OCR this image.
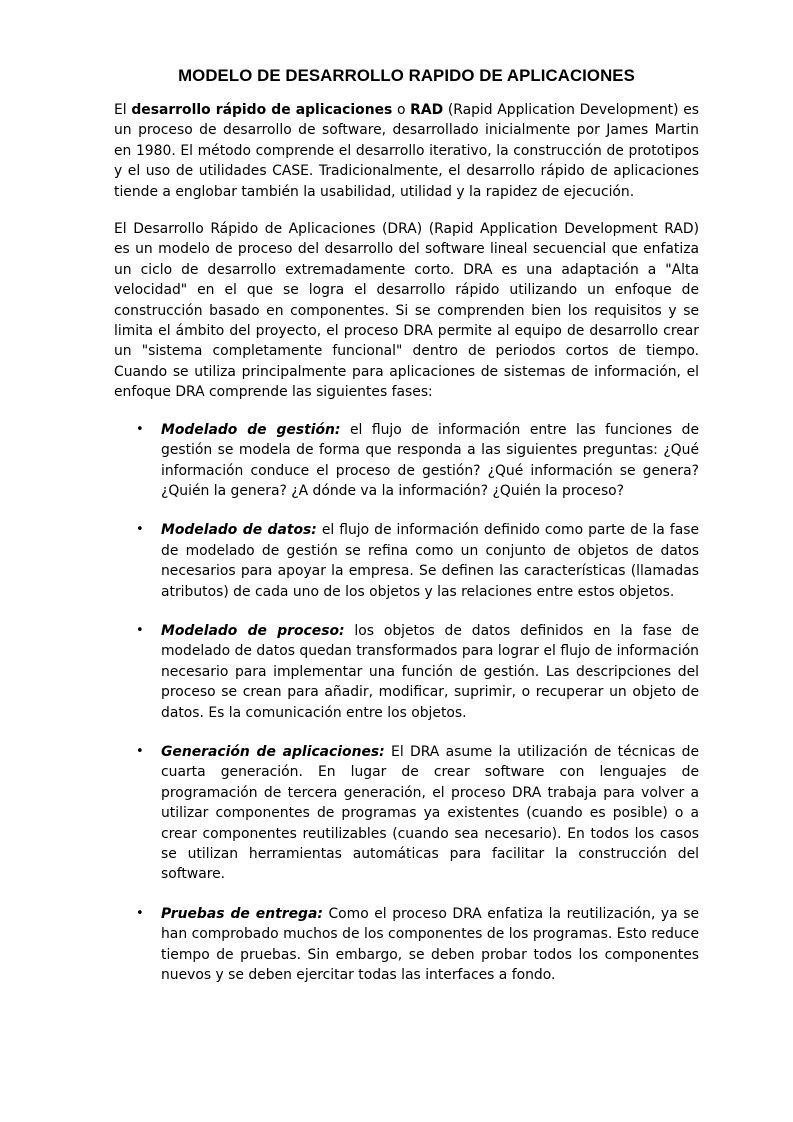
MODELO DE DESARROLLO RAPIDO DE APLICACIONES

El desarrollo rápido de aplicaciones o RAD (Rapid Application Development) es un proceso de desarrollo de software, desarrollado inicialmente por James Martin en 1980. El método comprende el desarrollo iterativo, la construcción de prototipos y el uso de utilidades CASE. Tradicionalmente, el desarrollo rápido de aplicaciones tiende a englobar también la usabilidad, utilidad y la rapidez de ejecución.

El Desarrollo Rápido de Aplicaciones (DRA) (Rapid Application Development RAD) es un modelo de proceso del desarrollo del software lineal secuencial que enfatiza un ciclo de desarrollo extremadamente corto. DRA es una adaptación a "Alta velocidad" en el que se logra el desarrollo rápido utilizando un enfoque de construcción basado en componentes. Si se comprenden bien los requisitos y se limita el ámbito del proyecto, el proceso DRA permite al equipo de desarrollo crear un "sistema completamente funcional" dentro de periodos cortos de tiempo. Cuando se utiliza principalmente para aplicaciones de sistemas de información, el enfoque DRA comprende las siguientes fases:

• Modelado de gestión: el flujo de información entre las funciones de gestión se modela de forma que responda a las siguientes preguntas: ¿Qué información conduce el proceso de gestión? ¿Qué información se genera? ¿Quién la genera? ¿A dónde va la información? ¿Quién la proceso?
• Modelado de datos: el flujo de información definido como parte de la fase de modelado de gestión se refina como un conjunto de objetos de datos necesarios para apoyar la empresa. Se definen las características (llamadas atributos) de cada uno de los objetos y las relaciones entre estos objetos.
• Modelado de proceso: los objetos de datos definidos en la fase de modelado de datos quedan transformados para lograr el flujo de información necesario para implementar una función de gestión. Las descripciones del proceso se crean para añadir, modificar, suprimir, o recuperar un objeto de datos. Es la comunicación entre los objetos.
• Generación de aplicaciones: El DRA asume la utilización de técnicas de cuarta generación. En lugar de crear software con lenguajes de programación de tercera generación, el proceso DRA trabaja para volver a utilizar componentes de programas ya existentes (cuando es posible) o a crear componentes reutilizables (cuando sea necesario). En todos los casos se utilizan herramientas automáticas para facilitar la construcción del software.
• Pruebas de entrega: Como el proceso DRA enfatiza la reutilización, ya se han comprobado muchos de los componentes de los programas. Esto reduce tiempo de pruebas. Sin embargo, se deben probar todos los componentes nuevos y se deben ejercitar todas las interfaces a fondo.
